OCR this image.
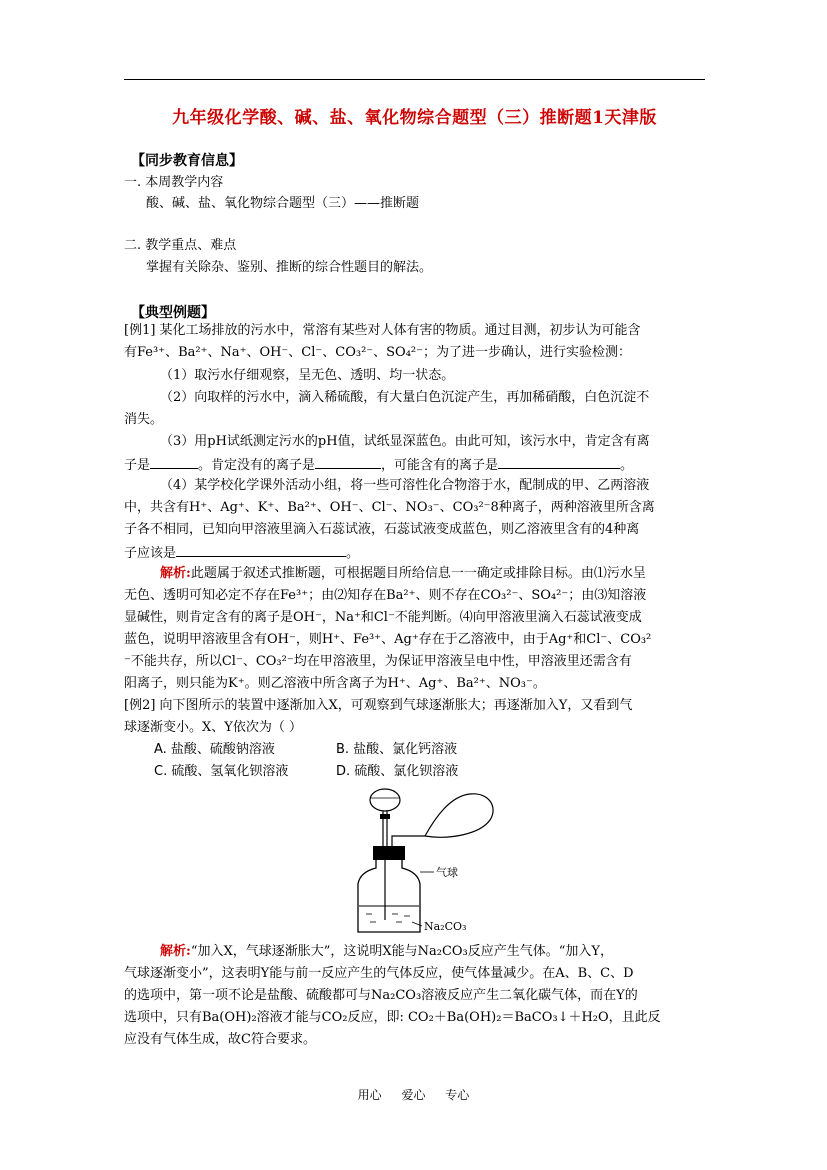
九年级化学酸、碱、盐、氧化物综合题型（三）推断题1天津版
【同步教育信息】
一. 本周教学内容
酸、碱、盐、氧化物综合题型（三）——推断题
二. 教学重点、难点
掌握有关除杂、鉴别、推断的综合性题目的解法。
【典型例题】
[例1] 某化工场排放的污水中，常溶有某些对人体有害的物质。通过目测，初步认为可能含
有Fe³⁺、Ba²⁺、Na⁺、OH⁻、Cl⁻、CO₃²⁻、SO₄²⁻；为了进一步确认，进行实验检测：
（1）取污水仔细观察，呈无色、透明、均一状态。
（2）向取样的污水中，滴入稀硫酸，有大量白色沉淀产生，再加稀硝酸，白色沉淀不
消失。
（3）用pH试纸测定污水的pH值，试纸显深蓝色。由此可知，该污水中，肯定含有离
子是	。肯定没有的离子是	，可能含有的离子是	。
（4）某学校化学课外活动小组，将一些可溶性化合物溶于水，配制成的甲、乙两溶液
中，共含有H⁺、Ag⁺、K⁺、Ba²⁺、OH⁻、Cl⁻、NO₃⁻、CO₃²⁻8种离子，两种溶液里所含离
子各不相同，已知向甲溶液里滴入石蕊试液，石蕊试液变成蓝色，则乙溶液里含有的4种离
子应该是	。
解析:此题属于叙述式推断题，可根据题目所给信息一一确定或排除目标。由⑴污水呈
无色、透明可知必定不存在Fe³⁺；由⑵知存在Ba²⁺、则不存在CO₃²⁻、SO₄²⁻；由⑶知溶液
显碱性，则肯定含有的离子是OH⁻，Na⁺和Cl⁻不能判断。⑷向甲溶液里滴入石蕊试液变成
蓝色，说明甲溶液里含有OH⁻，则H⁺、Fe³⁺、Ag⁺存在于乙溶液中，由于Ag⁺和Cl⁻、CO₃²
⁻不能共存，所以Cl⁻、CO₃²⁻均在甲溶液里，为保证甲溶液呈电中性，甲溶液里还需含有
阳离子，则只能为K⁺。则乙溶液中所含离子为H⁺、Ag⁺、Ba²⁺、NO₃⁻。
[例2] 向下图所示的装置中逐渐加入X，可观察到气球逐渐胀大；再逐渐加入Y，又看到气
球逐渐变小。X、Y依次为（ ）
A. 盐酸、硫酸钠溶液	B. 盐酸、氯化钙溶液
C. 硫酸、氢氧化钡溶液	D. 硫酸、氯化钡溶液
气球
Na₂CO₃
解析:“加入X，气球逐渐胀大”，这说明X能与Na₂CO₃反应产生气体。“加入Y，
气球逐渐变小”，这表明Y能与前一反应产生的气体反应，使气体量减少。在A、B、C、D
的选项中，第一项不论是盐酸、硫酸都可与Na₂CO₃溶液反应产生二氧化碳气体，而在Y的
选项中，只有Ba(OH)₂溶液才能与CO₂反应，即: CO₂＋Ba(OH)₂＝BaCO₃↓＋H₂O，且此反
应没有气体生成，故C符合要求。
用心 爱心 专心
